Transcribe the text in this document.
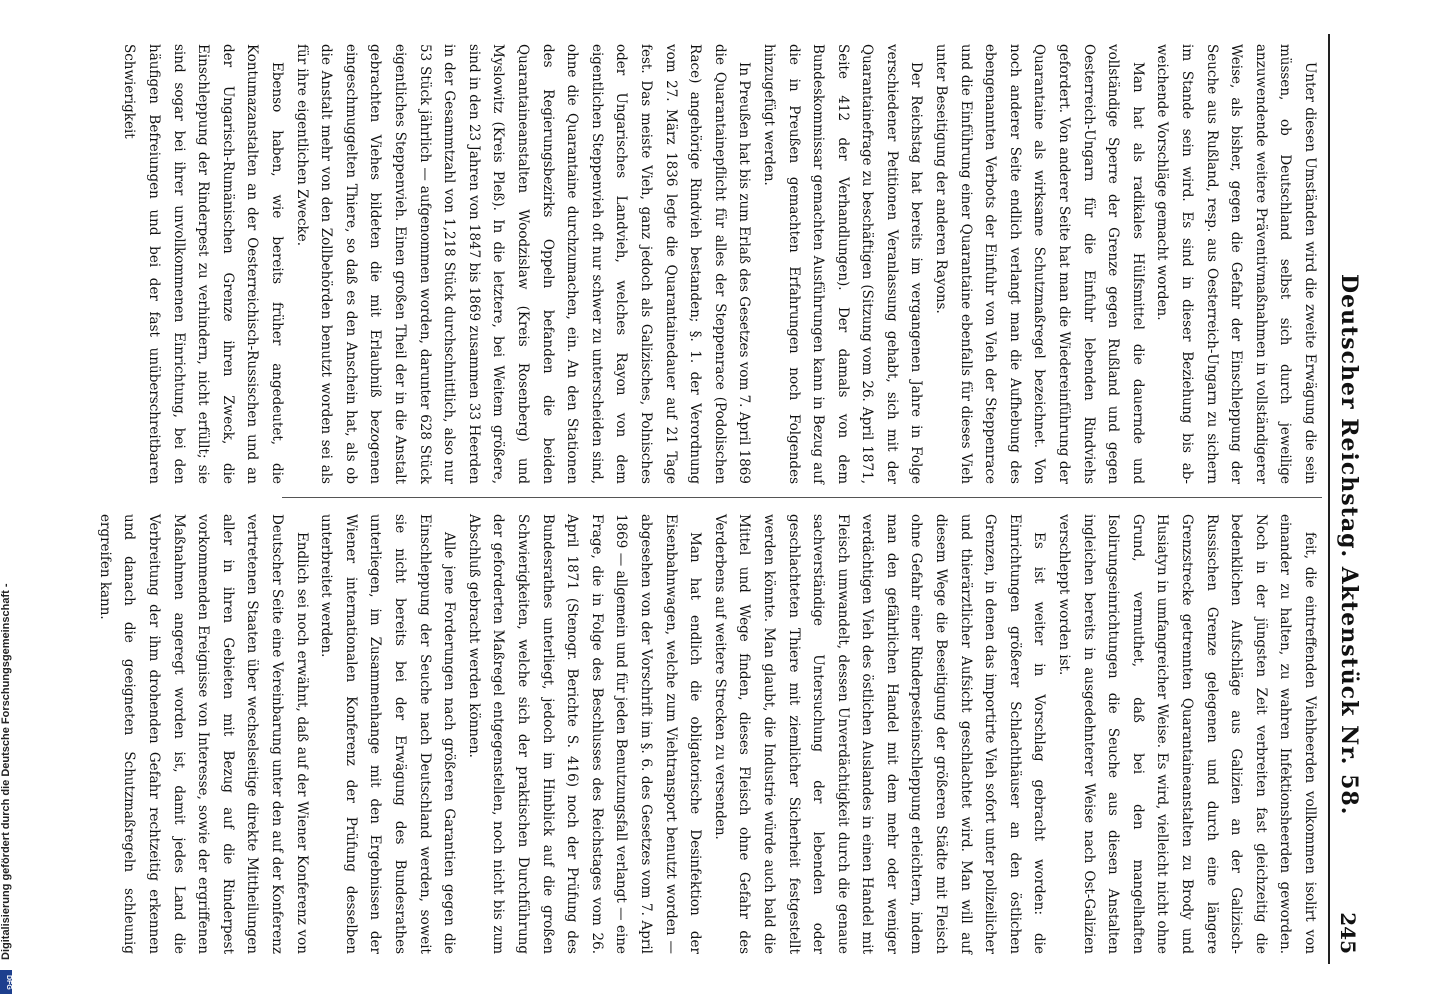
Deutscher Reichstag. Aktenstück Nr. 58.
245

Unter diesen Umständen wird die zweite Erwägung die sein müssen, ob Deutschland selbst sich durch jeweilige anzuwendende weitere Präventivmaßnahmen in vollständigerer Weise, als bisher, gegen die Gefahr der Einschleppung der Seuche aus Rußland, resp. aus Oesterreich-Ungarn zu sichern im Stande sein wird. Es sind in dieser Beziehung bis ab-weichende Vorschläge gemacht worden.

Man hat als radikales Hülfsmittel die dauernde und vollständige Sperre der Grenze gegen Rußland und gegen Oesterreich-Ungarn für die Einfuhr lebenden Rindviehs gefordert. Von anderer Seite hat man die Wiedereinführung der Quarantaine als wirksame Schutzmaßregel bezeichnet. Von noch anderer Seite endlich verlangt man die Aufhebung des ebengenannten Verbots der Einfuhr von Vieh der Steppenrace und die Einführung einer Quarantaine ebenfalls für dieses Vieh unter Beseitigung der anderen Rayons.

Der Reichstag hat bereits im vergangenen Jahre in Folge verschiedener Petitionen Veranlassung gehabt, sich mit der Quarantainefrage zu beschäftigen (Sitzung vom 26. April 1871, Seite 412 der Verhandlungen). Der damals von dem Bundeskommissar gemachten Ausführungen kann in Bezug auf die in Preußen gemachten Erfahrungen noch Folgendes hinzugefügt werden.

In Preußen hat bis zum Erlaß des Gesetzes vom 7. April 1869 die Quarantainepflicht für alles der Steppenrace (Podolischen Race) angehörige Rindvieh bestanden; §. 1. der Verordnung vom 27. März 1836 legte die Quarantainedauer auf 21 Tage fest. Das meiste Vieh, ganz jedoch als Galizisches, Polnisches oder Ungarisches Landvieh, welches Rayon von dem eigentlichen Steppenvieh oft nur schwer zu unterscheiden sind, ohne die Quarantaine durchzumachen, ein. An den Stationen des Regierungsbezirks Oppeln befanden die beiden Quarantaineanstalten Woodzislaw (Kreis Rosenberg) und Myslowitz (Kreis Pleß). In die letztere, bei Weitem größere, sind in den 23 Jahren von 1847 bis 1869 zusammen 33 Heerden in der Gesammtzahl von 1,218 Stück durchschnittlich, also nur 53 Stück jährlich — aufgenommen worden, darunter 628 Stück eigentliches Steppenvieh. Einen großen Theil der in die Anstalt gebrachten Viehes bildeten die mit Erlaubniß bezogenen eingeschmuggelten Thiere, so daß es den Anschein hat, als ob die Anstalt mehr von den Zollbehörden benutzt worden sei als für ihre eigentlichen Zwecke.

Ebenso haben, wie bereits früher angedeutet, die Kontumazanstalten an der Oesterreichisch-Russischen und an der Ungarisch-Rumänischen Grenze ihren Zweck, die Einschleppung der Rinderpest zu verhindern, nicht erfüllt; sie sind sogar bei ihrer unvollkommenen Einrichtung, bei den häufigen Befreiungen und bei der fast unüberschreitbaren Schwierigkeit

feit, die eintreffenden Viehheerden vollkommen isolirt von einander zu halten, zu wahren Infektionsheerden geworden. Noch in der jüngsten Zeit verbreiten fast gleichzeitig die bedenklichen Aufschläge aus Galizien an der Galizisch-Russischen Grenze gelegenen und durch eine längere Grenzstrecke getrennten Quarantaineanstalten zu Brody und Husiatyn in umfangreicher Weise. Es wird, vielleicht nicht ohne Grund, vermuthet, daß bei den mangelhaften Isolirungseinrichtungen die Seuche aus diesen Anstalten ingleichen bereits in ausgedehnterer Weise nach Ost-Galizien verschleppt worden ist.

Es ist weiter in Vorschlag gebracht worden: die Einrichtungen größerer Schlachthäuser an den östlichen Grenzen, in denen das importirte Vieh sofort unter polizeilicher und thierärztlicher Aufsicht geschlachtet wird. Man will auf diesem Wege die Beseitigung der größeren Städte mit Fleisch ohne Gefahr einer Rinderpesteinschleppung erleichtern, indem man den gefährlichen Handel mit dem mehr oder weniger verdächtigen Vieh des östlichen Auslandes in einen Handel mit Fleisch umwandelt, dessen Unverdächtigkeit durch die genaue sachverständige Untersuchung der lebenden oder geschlachteten Thiere mit ziemlicher Sicherheit festgestellt werden könnte. Man glaubt, die Industrie würde auch bald die Mittel und Wege finden, dieses Fleisch ohne Gefahr des Verderbens auf weitere Strecken zu versenden.

Man hat endlich die obligatorische Desinfektion der Eisenbahnwagen, welche zum Viehtransport benutzt worden — abgesehen von der Vorschrift im §. 6. des Gesetzes vom 7. April 1869 — allgemein und für jeden Benutzungsfall verlangt — eine Frage, die in Folge des Beschlusses des Reichstages vom 26. April 1871 (Stenogr. Berichte S. 416) noch der Prüfung des Bundesrathes unterliegt, jedoch im Hinblick auf die großen Schwierigkeiten, welche sich der praktischen Durchführung der geforderten Maßregel entgegenstellen, noch nicht bis zum Abschluß gebracht werden können.

Alle jene Forderungen nach größeren Garantien gegen die Einschleppung der Seuche nach Deutschland werden, soweit sie nicht bereits bei der Erwägung des Bundesrathes unterliegen, im Zusammenhange mit den Ergebnissen der Wiener internationalen Konferenz der Prüfung desselben unterbreitet werden.

Endlich sei noch erwähnt, daß auf der Wiener Konferenz von Deutscher Seite eine Vereinbarung unter den auf der Konferenz vertretenen Staaten über wechselseitige direkte Mittheilungen aller in ihren Gebieten mit Bezug auf die Rinderpest vorkommenden Ereignisse von Interesse, sowie der ergriffenen Maßnahmen angeregt worden ist, damit jedes Land die Verbreitung der ihm drohenden Gefahr rechtzeitig erkennen und danach die geeigneten Schutzmaßregeln schleunig ergreifen kann.

Digitalisierung gefördert durch die Deutsche Forschungsgemeinschaft -
DFG
